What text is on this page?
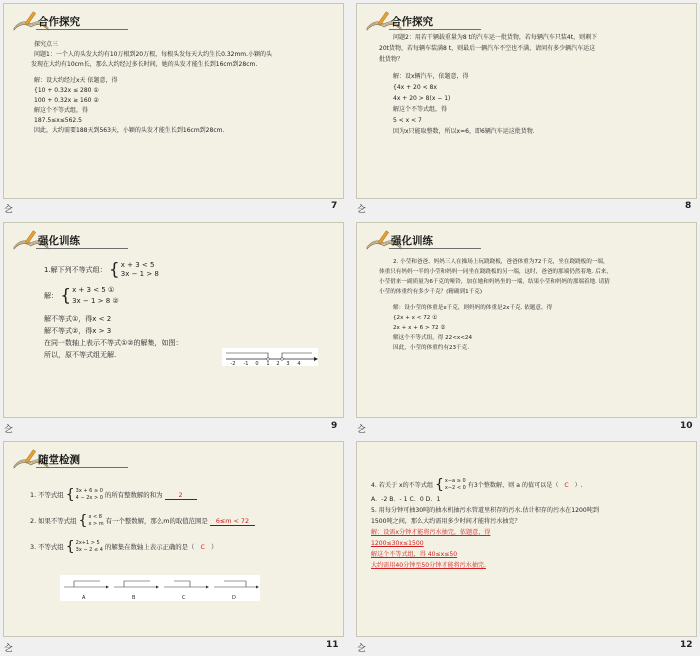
合作探究
探究点三
问题1：一个人的头发大约有10万根到20万根，每根头发每天大约生长0.32mm.小颖的头
发现在大约有10cm长，那么大约经过多长时间，她的头发才能生长到16cm到28cm.
解：设大约经过x天 依题意，得
{10 + 0.32x ≤ 280 ①
100 + 0.32x ≥ 160 ②
解这个不等式组，得
187.5≤x≤562.5
因此，大约需要188天到563天，小颖的头发才能生长到16cm到28cm.
合作探究
问题2：用若干辆载重量为8 t的汽车运一批货物，若每辆汽车只装4t，则剩下
20t货物，若每辆车装满8 t，则最后一辆汽车不空也不满，请问有多少辆汽车运这
批货物？
解：设x辆汽车，依题意，得
{4x + 20 < 8x
4x + 20 > 8(x − 1)
解这个不等式组，得
5 < x < 7
因为x只能取整数，所以x=6，即6辆汽车运这批货物.
强化训练
1.解下列不等式组： {x + 3 < 5
3x − 1 > 8
解： {x + 3 < 5 ①
3x − 1 > 8 ②
解不等式①，得x < 2
解不等式②，得x > 3
在同一数轴上表示不等式①②的解集，如图：
所以，原不等式组无解.
-2 -1 0 1 2 3 4
强化训练
2. 小莹和爸爸、妈妈三人在操场上玩跷跷板，爸爸体重为72千克，坐在跷跷板的一端，
体重只有妈妈一半的小莹和妈妈一同坐在跷跷板的另一端，这时，爸爸的那端仍然着地. 后来，
小莹借来一副质量为6千克的哑铃，加在她和妈妈坐的一端，结果小莹和妈妈的那端着地. 请猜
小莹的体重约有多少千克？(精确到1千克)
解：设小莹的体重是x千克，则妈妈的体重是2x千克. 依题意，得
{2x + x < 72 ①
2x + x + 6 > 72 ②
解这个不等式组，得 22<x<24
因此，小莹的体重约有23千克.
随堂检测
1. 不等式组 {3x + 6 ≥ 0
4 − 2x > 0 的所有整数解的和为	2
2. 如果不等式组 {x < 8
x > m 有一个整数解，那么m的取值范围是 6≤m < 72
3. 不等式组 {2x+1 > 5
3x − 2 ≤ 4 的解集在数轴上表示正确的是（ C ）
A	B	C	D
4. 若关于 x的不等式组 {x−a ≥ 0
x−2 < 0 有3个整数解，则 a 的值可以是（ C ）.
A．-2 B．- 1 C．0 D．1
5. 用每分钟可抽30吨的抽水机抽污水管道里积存的污水.估计积存的污水在1200吨到
1500吨之间，那么大约需用多少时间才能将污水抽完？
解：设需x分钟才能将污水抽完，依题意，得
1200≤30x≤1500
解这个不等式组，得 40≤x≤50
大约需用40分钟至50分钟才能将污水抽完.
㐈	7 㐈	8
㐈	9 㐈	10
㐈	11 㐈	12
